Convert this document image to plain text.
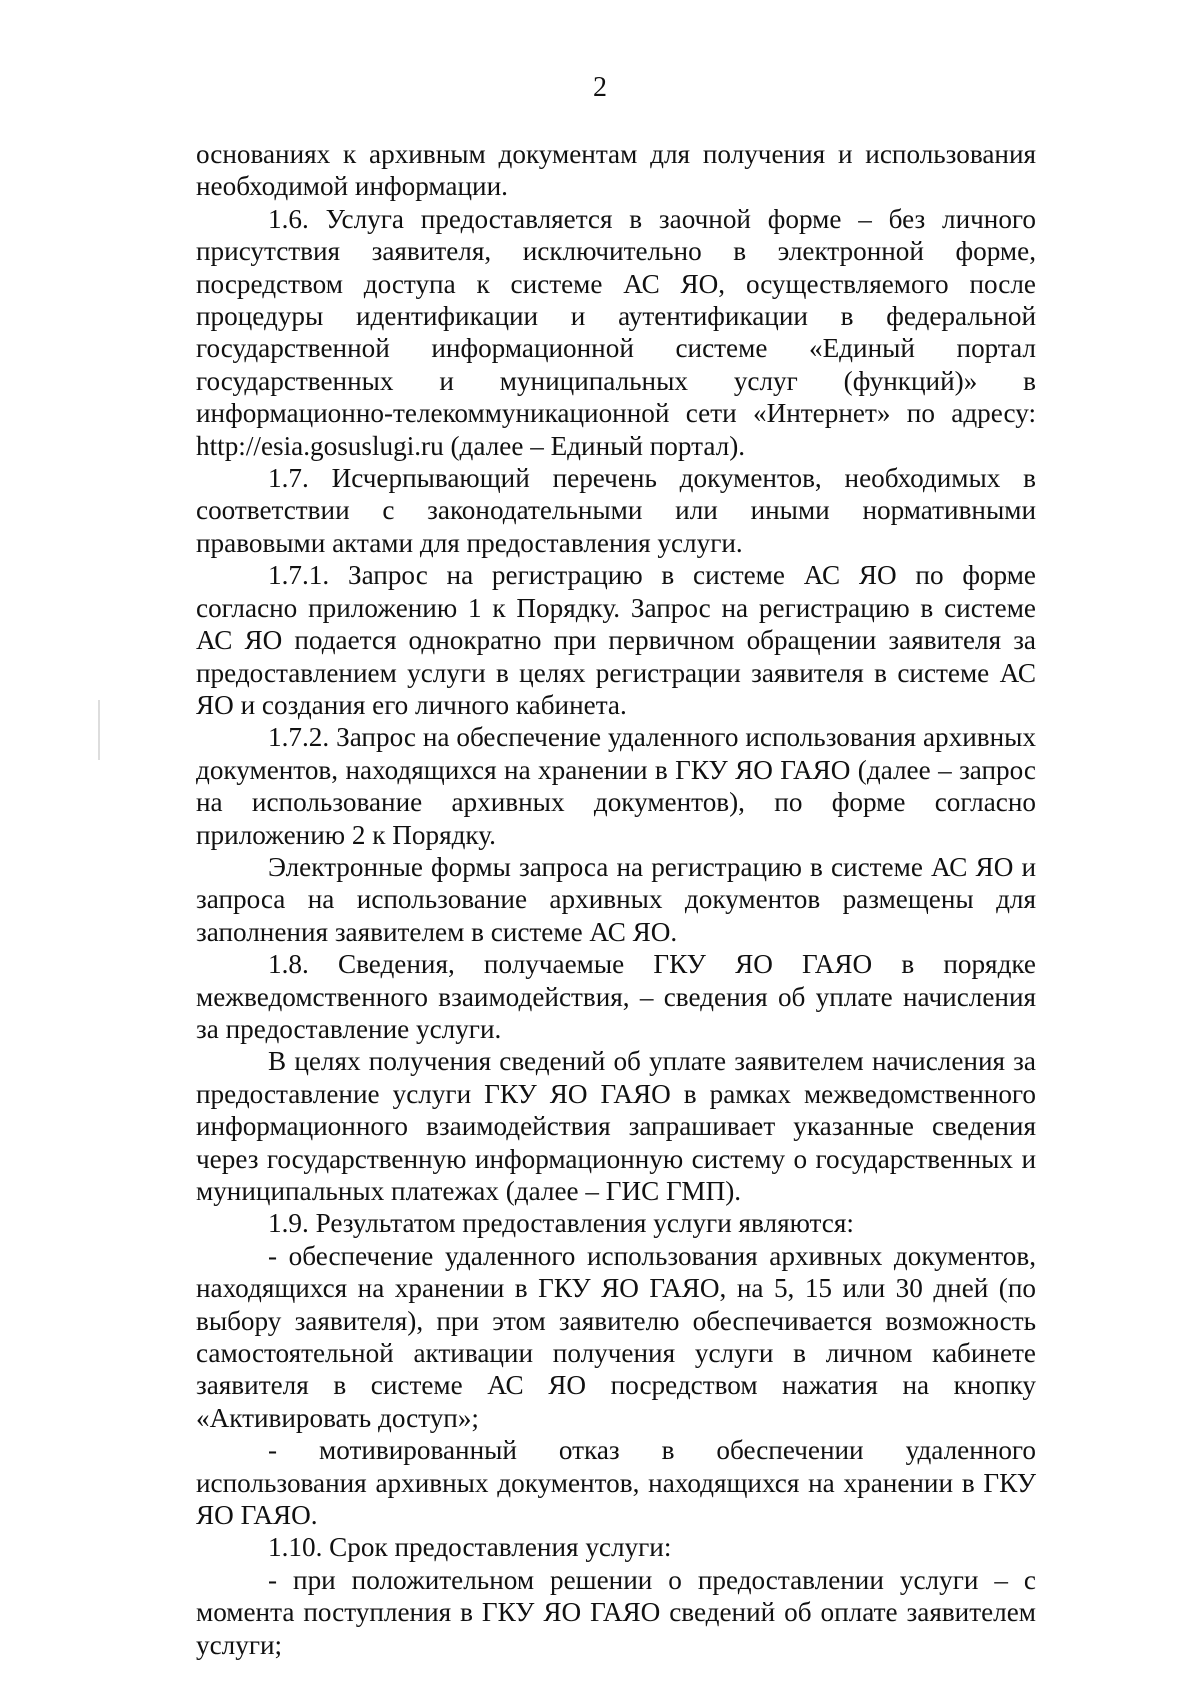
2

основаниях к архивным документам для получения и использования необходимой информации.

1.6. Услуга предоставляется в заочной форме – без личного присутствия заявителя, исключительно в электронной форме, посредством доступа к системе АС ЯО, осуществляемого после процедуры идентификации и аутентификации в федеральной государственной информационной системе «Единый портал государственных и муниципальных услуг (функций)» в информационно-телекоммуникационной сети «Интернет» по адресу: http://esia.gosuslugi.ru (далее – Единый портал).

1.7. Исчерпывающий перечень документов, необходимых в соответствии с законодательными или иными нормативными правовыми актами для предоставления услуги.

1.7.1. Запрос на регистрацию в системе АС ЯО по форме согласно приложению 1 к Порядку. Запрос на регистрацию в системе АС ЯО подается однократно при первичном обращении заявителя за предоставлением услуги в целях регистрации заявителя в системе АС ЯО и создания его личного кабинета.

1.7.2. Запрос на обеспечение удаленного использования архивных документов, находящихся на хранении в ГКУ ЯО ГАЯО (далее – запрос на использование архивных документов), по форме согласно приложению 2 к Порядку.

Электронные формы запроса на регистрацию в системе АС ЯО и запроса на использование архивных документов размещены для заполнения заявителем в системе АС ЯО.

1.8. Сведения, получаемые ГКУ ЯО ГАЯО в порядке межведомственного взаимодействия, – сведения об уплате начисления за предоставление услуги.

В целях получения сведений об уплате заявителем начисления за предоставление услуги ГКУ ЯО ГАЯО в рамках межведомственного информационного взаимодействия запрашивает указанные сведения через государственную информационную систему о государственных и муниципальных платежах (далее – ГИС ГМП).

1.9. Результатом предоставления услуги являются:

- обеспечение удаленного использования архивных документов, находящихся на хранении в ГКУ ЯО ГАЯО, на 5, 15 или 30 дней (по выбору заявителя), при этом заявителю обеспечивается возможность самостоятельной активации получения услуги в личном кабинете заявителя в системе АС ЯО посредством нажатия на кнопку «Активировать доступ»;

- мотивированный отказ в обеспечении удаленного использования архивных документов, находящихся на хранении в ГКУ ЯО ГАЯО.

1.10. Срок предоставления услуги:

- при положительном решении о предоставлении услуги – с момента поступления в ГКУ ЯО ГАЯО сведений об оплате заявителем услуги;
